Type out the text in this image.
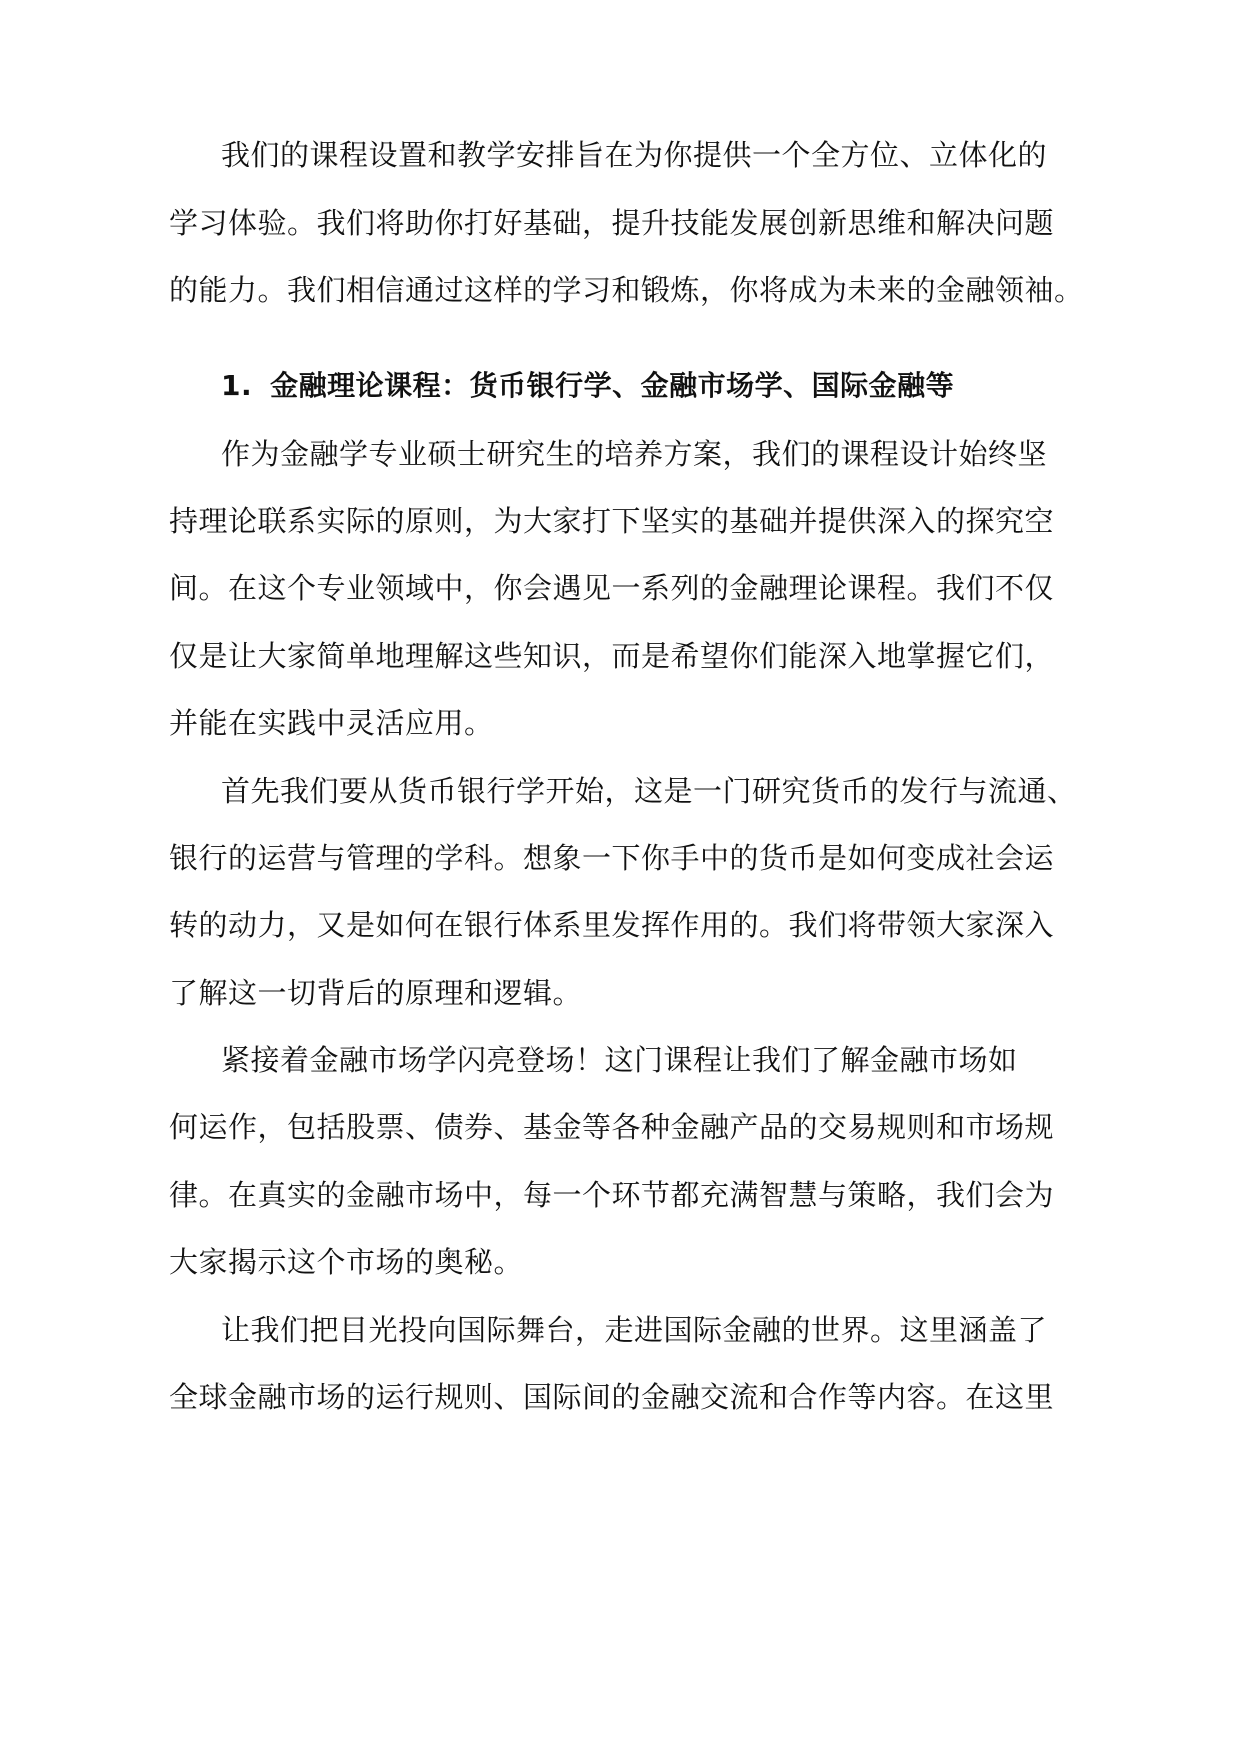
我们的课程设置和教学安排旨在为你提供一个全方位、立体化的
学习体验。我们将助你打好基础，提升技能发展创新思维和解决问题
的能力。我们相信通过这样的学习和锻炼，你将成为未来的金融领袖。
1. 金融理论课程：货币银行学、金融市场学、国际金融等
作为金融学专业硕士研究生的培养方案，我们的课程设计始终坚
持理论联系实际的原则，为大家打下坚实的基础并提供深入的探究空
间。在这个专业领域中，你会遇见一系列的金融理论课程。我们不仅
仅是让大家简单地理解这些知识，而是希望你们能深入地掌握它们，
并能在实践中灵活应用。
首先我们要从货币银行学开始，这是一门研究货币的发行与流通、
银行的运营与管理的学科。想象一下你手中的货币是如何变成社会运
转的动力，又是如何在银行体系里发挥作用的。我们将带领大家深入
了解这一切背后的原理和逻辑。
紧接着金融市场学闪亮登场！这门课程让我们了解金融市场如
何运作，包括股票、债券、基金等各种金融产品的交易规则和市场规
律。在真实的金融市场中，每一个环节都充满智慧与策略，我们会为
大家揭示这个市场的奥秘。
让我们把目光投向国际舞台，走进国际金融的世界。这里涵盖了
全球金融市场的运行规则、国际间的金融交流和合作等内容。在这里
